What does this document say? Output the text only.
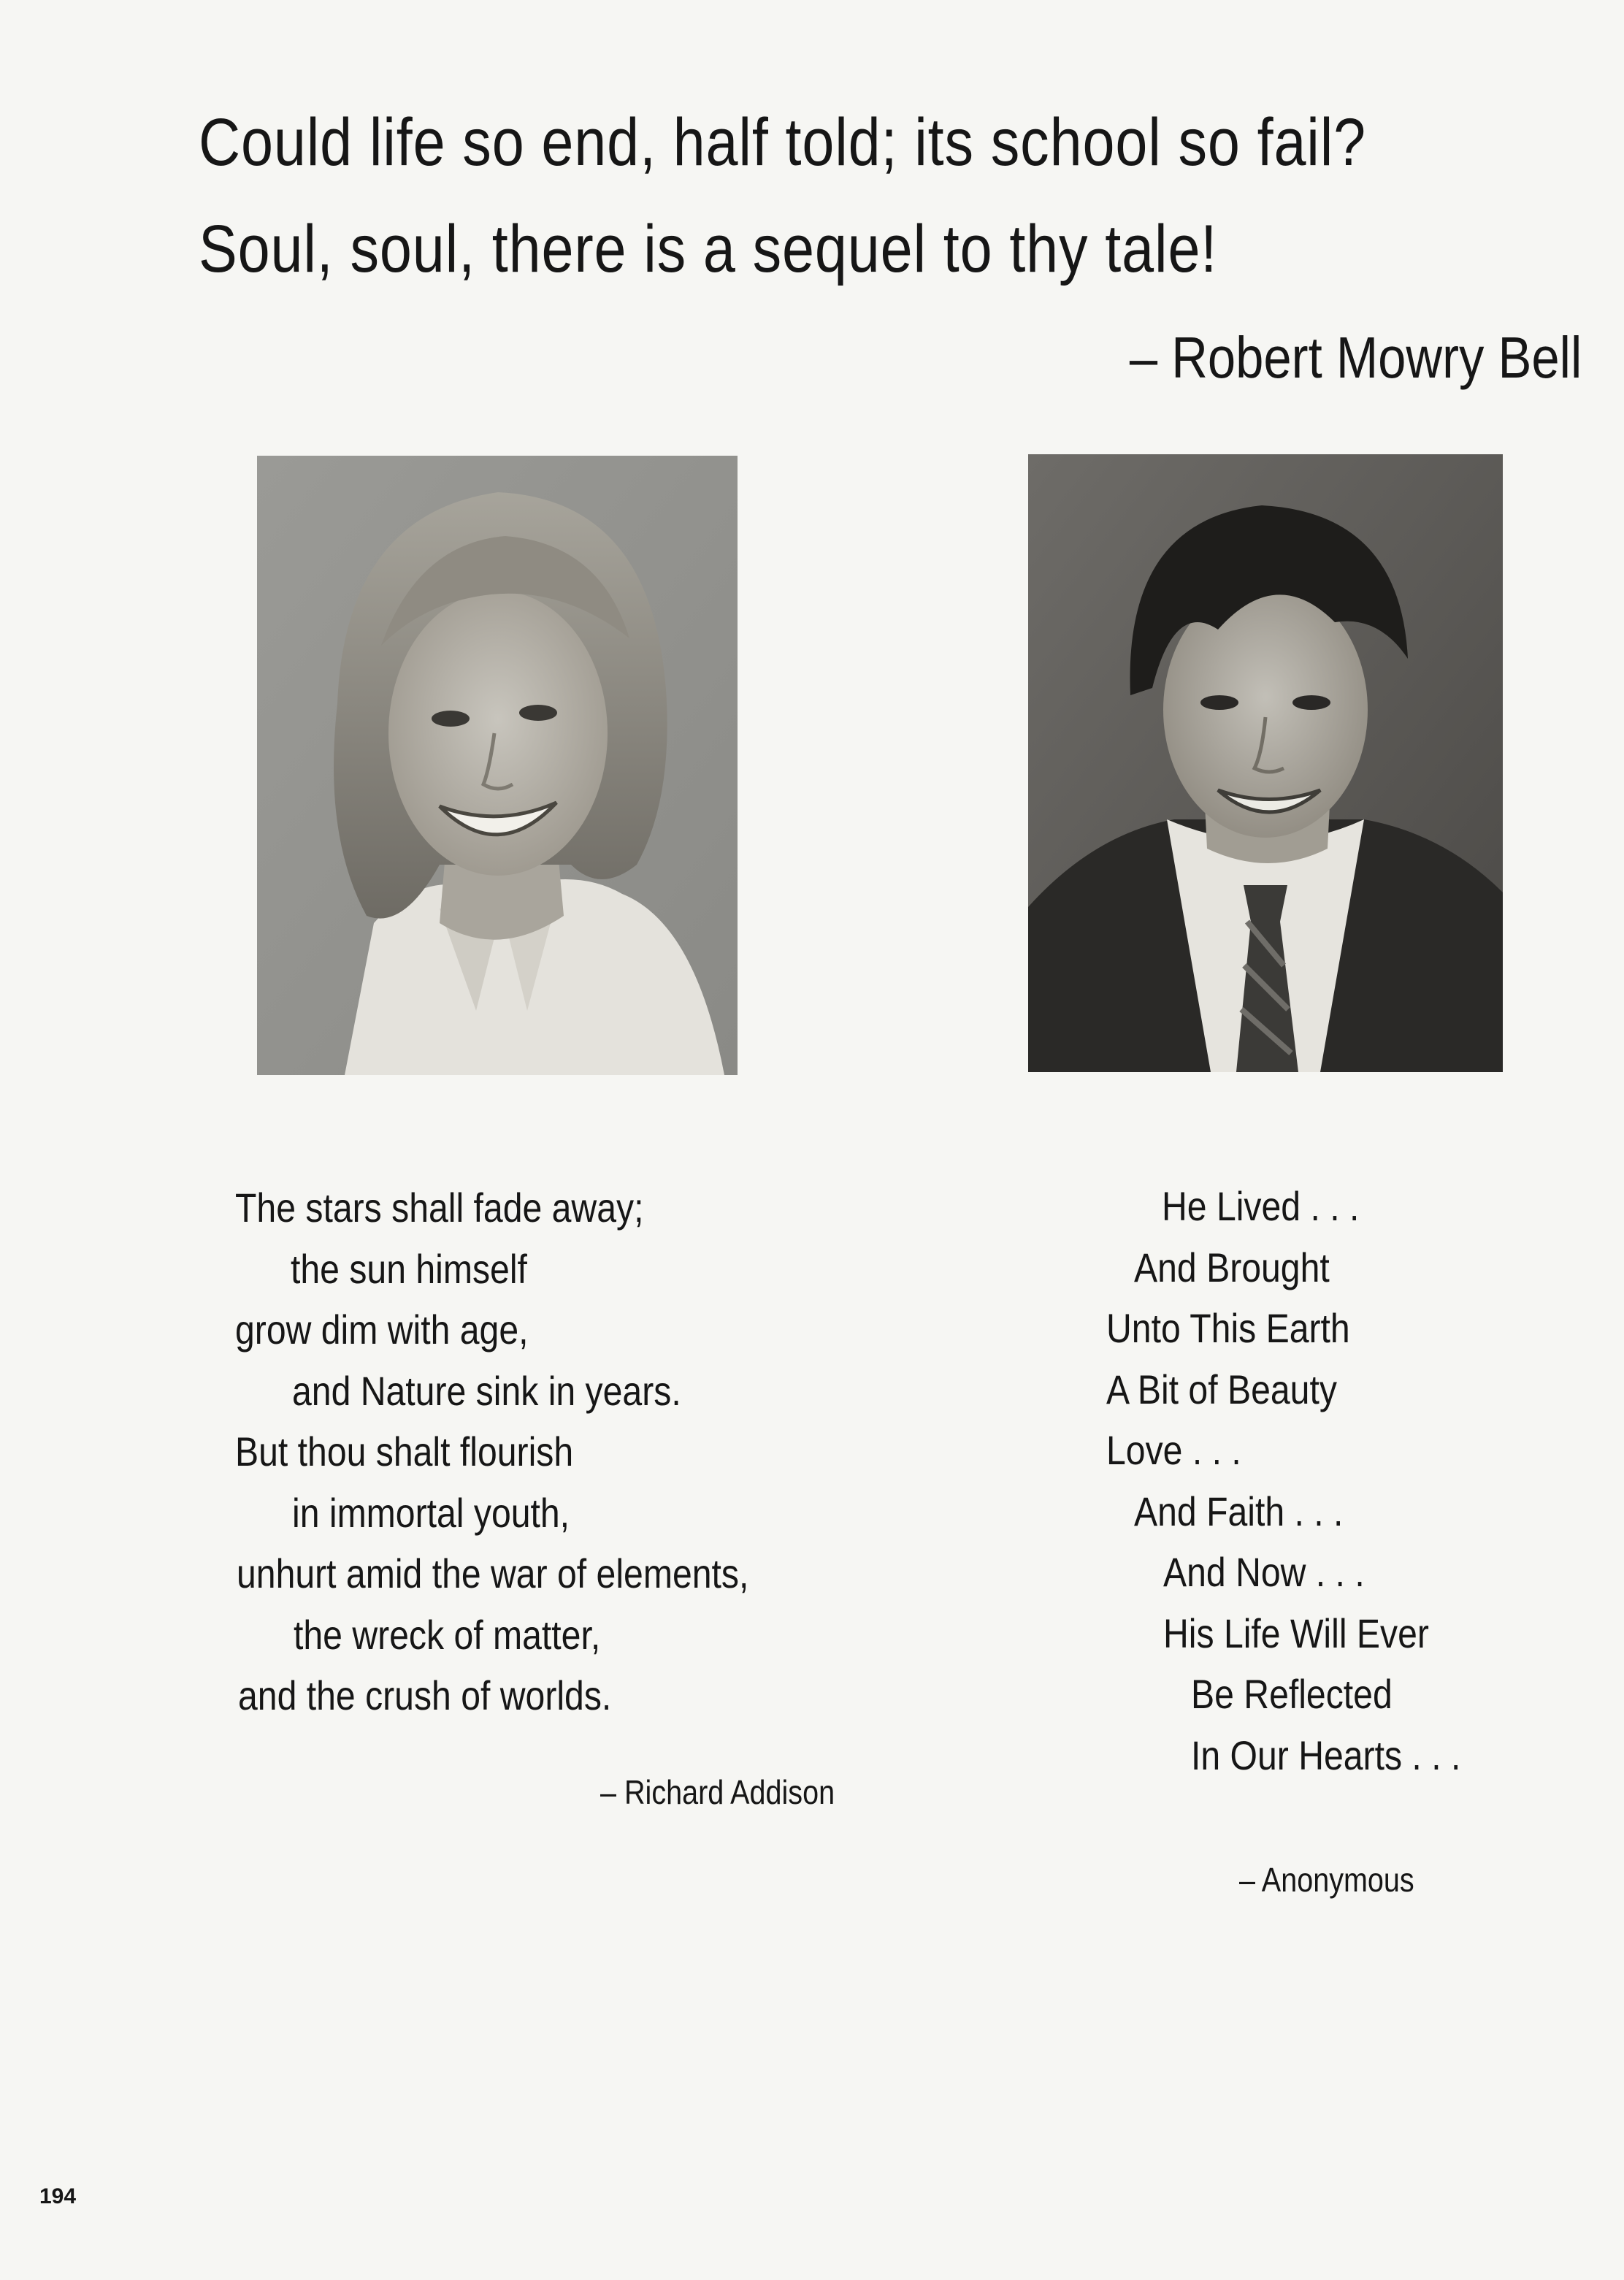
Could life so end, half told; its school so fail?
Soul, soul, there is a sequel to thy tale!
– Robert Mowry Bell
The stars shall fade away;
the sun himself
grow dim with age,
and Nature sink in years.
But thou shalt flourish
in immortal youth,
unhurt amid the war of elements,
the wreck of matter,
and the crush of worlds.
– Richard Addison
He Lived . . .
And Brought
Unto This Earth
A Bit of Beauty
Love . . .
And Faith . . .
And Now . . .
His Life Will Ever
Be Reflected
In Our Hearts . . .
– Anonymous
194
